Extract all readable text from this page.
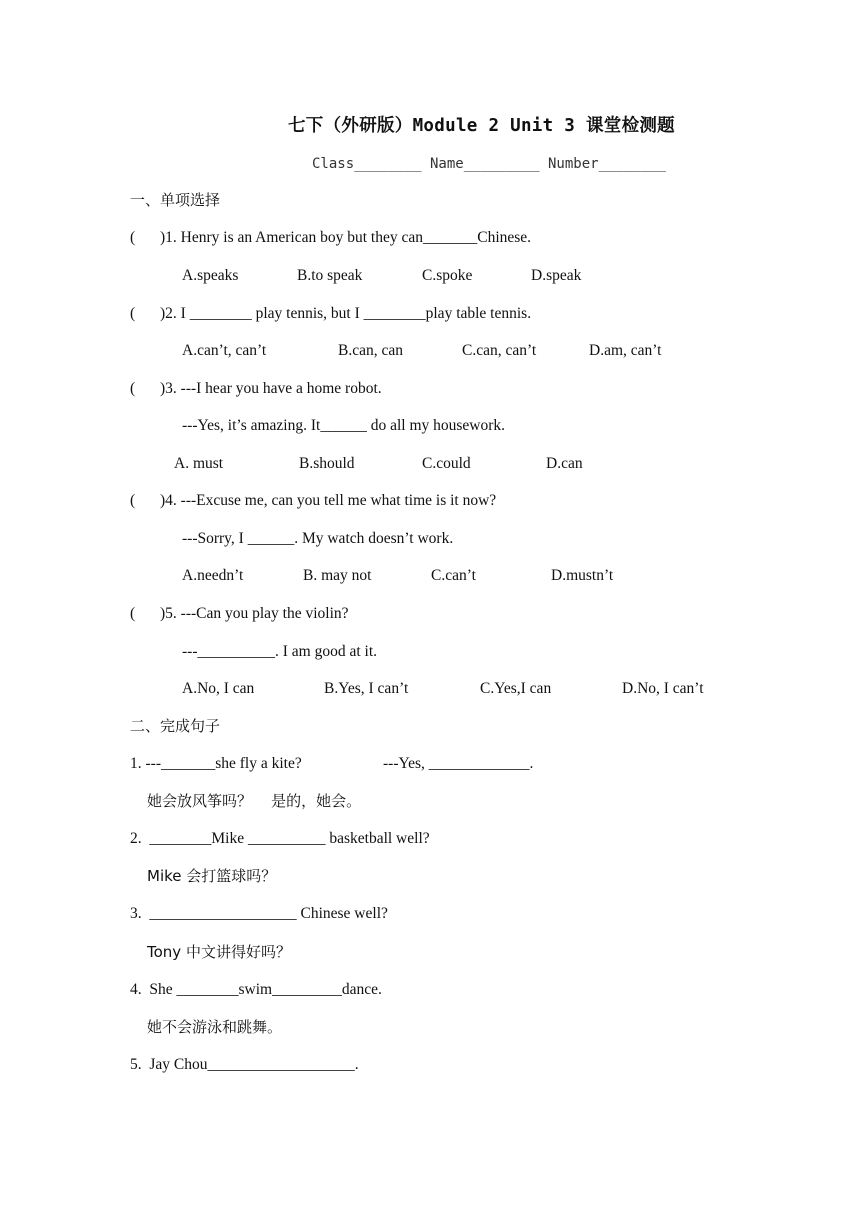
七下（外研版）Module 2 Unit 3 课堂检测题
Class________ Name_________ Number________
一、单项选择
( )1. Henry is an American boy but they can_______Chinese.
A.speaks	B.to speak	C.spoke	D.speak
( )2. I ________ play tennis, but I ________play table tennis.
A.can’t, can’t	B.can, can	C.can, can’t	D.am, can’t
( )3. ---I hear you have a home robot.
---Yes, it’s amazing. It______ do all my housework.
A. must	B.should	C.could	D.can
( )4. ---Excuse me, can you tell me what time is it now?
---Sorry, I ______. My watch doesn’t work.
A.needn’t	B. may not	C.can’t	D.mustn’t
( )5. ---Can you play the violin?
---__________. I am good at it.
A.No, I can	B.Yes, I can’t	C.Yes,I can	D.No, I can’t
二、完成句子
1. ---_______she fly a kite?	---Yes, _____________.
她会放风筝吗？    是的，她会。
2.  ________Mike __________ basketball well?
Mike 会打篮球吗？
3.  ___________________ Chinese well?
Tony 中文讲得好吗？
4.  She ________swim_________dance.
她不会游泳和跳舞。
5.  Jay Chou___________________.
